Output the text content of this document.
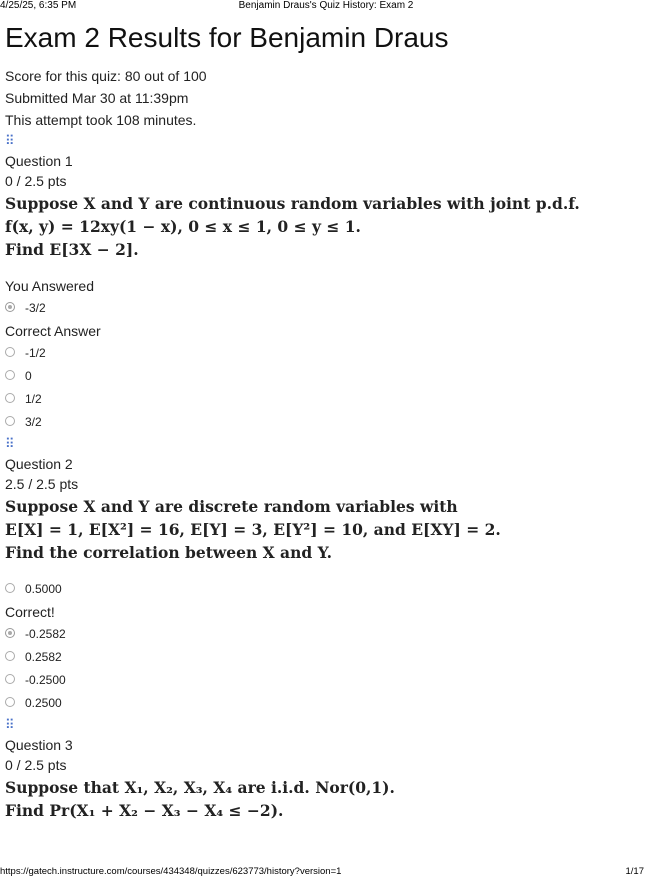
4/25/25, 6:35 PM	Benjamin Draus's Quiz History: Exam 2
Exam 2 Results for Benjamin Draus
Score for this quiz: 80 out of 100
Submitted Mar 30 at 11:39pm
This attempt took 108 minutes.
⠿
Question 1
0 / 2.5 pts
Suppose X and Y are continuous random variables with joint p.d.f.
f(x, y) = 12xy(1 − x), 0 ≤ x ≤ 1, 0 ≤ y ≤ 1.
Find E[3X − 2].
You Answered
-3/2
Correct Answer
-1/2
0
1/2
3/2
⠿
Question 2
2.5 / 2.5 pts
Suppose X and Y are discrete random variables with
E[X] = 1, E[X²] = 16, E[Y] = 3, E[Y²] = 10, and E[XY] = 2.
Find the correlation between X and Y.
0.5000
Correct!
-0.2582
0.2582
-0.2500
0.2500
⠿
Question 3
0 / 2.5 pts
Suppose that X₁, X₂, X₃, X₄ are i.i.d. Nor(0,1).
Find Pr(X₁ + X₂ − X₃ − X₄ ≤ −2).
https://gatech.instructure.com/courses/434348/quizzes/623773/history?version=1	1/17
